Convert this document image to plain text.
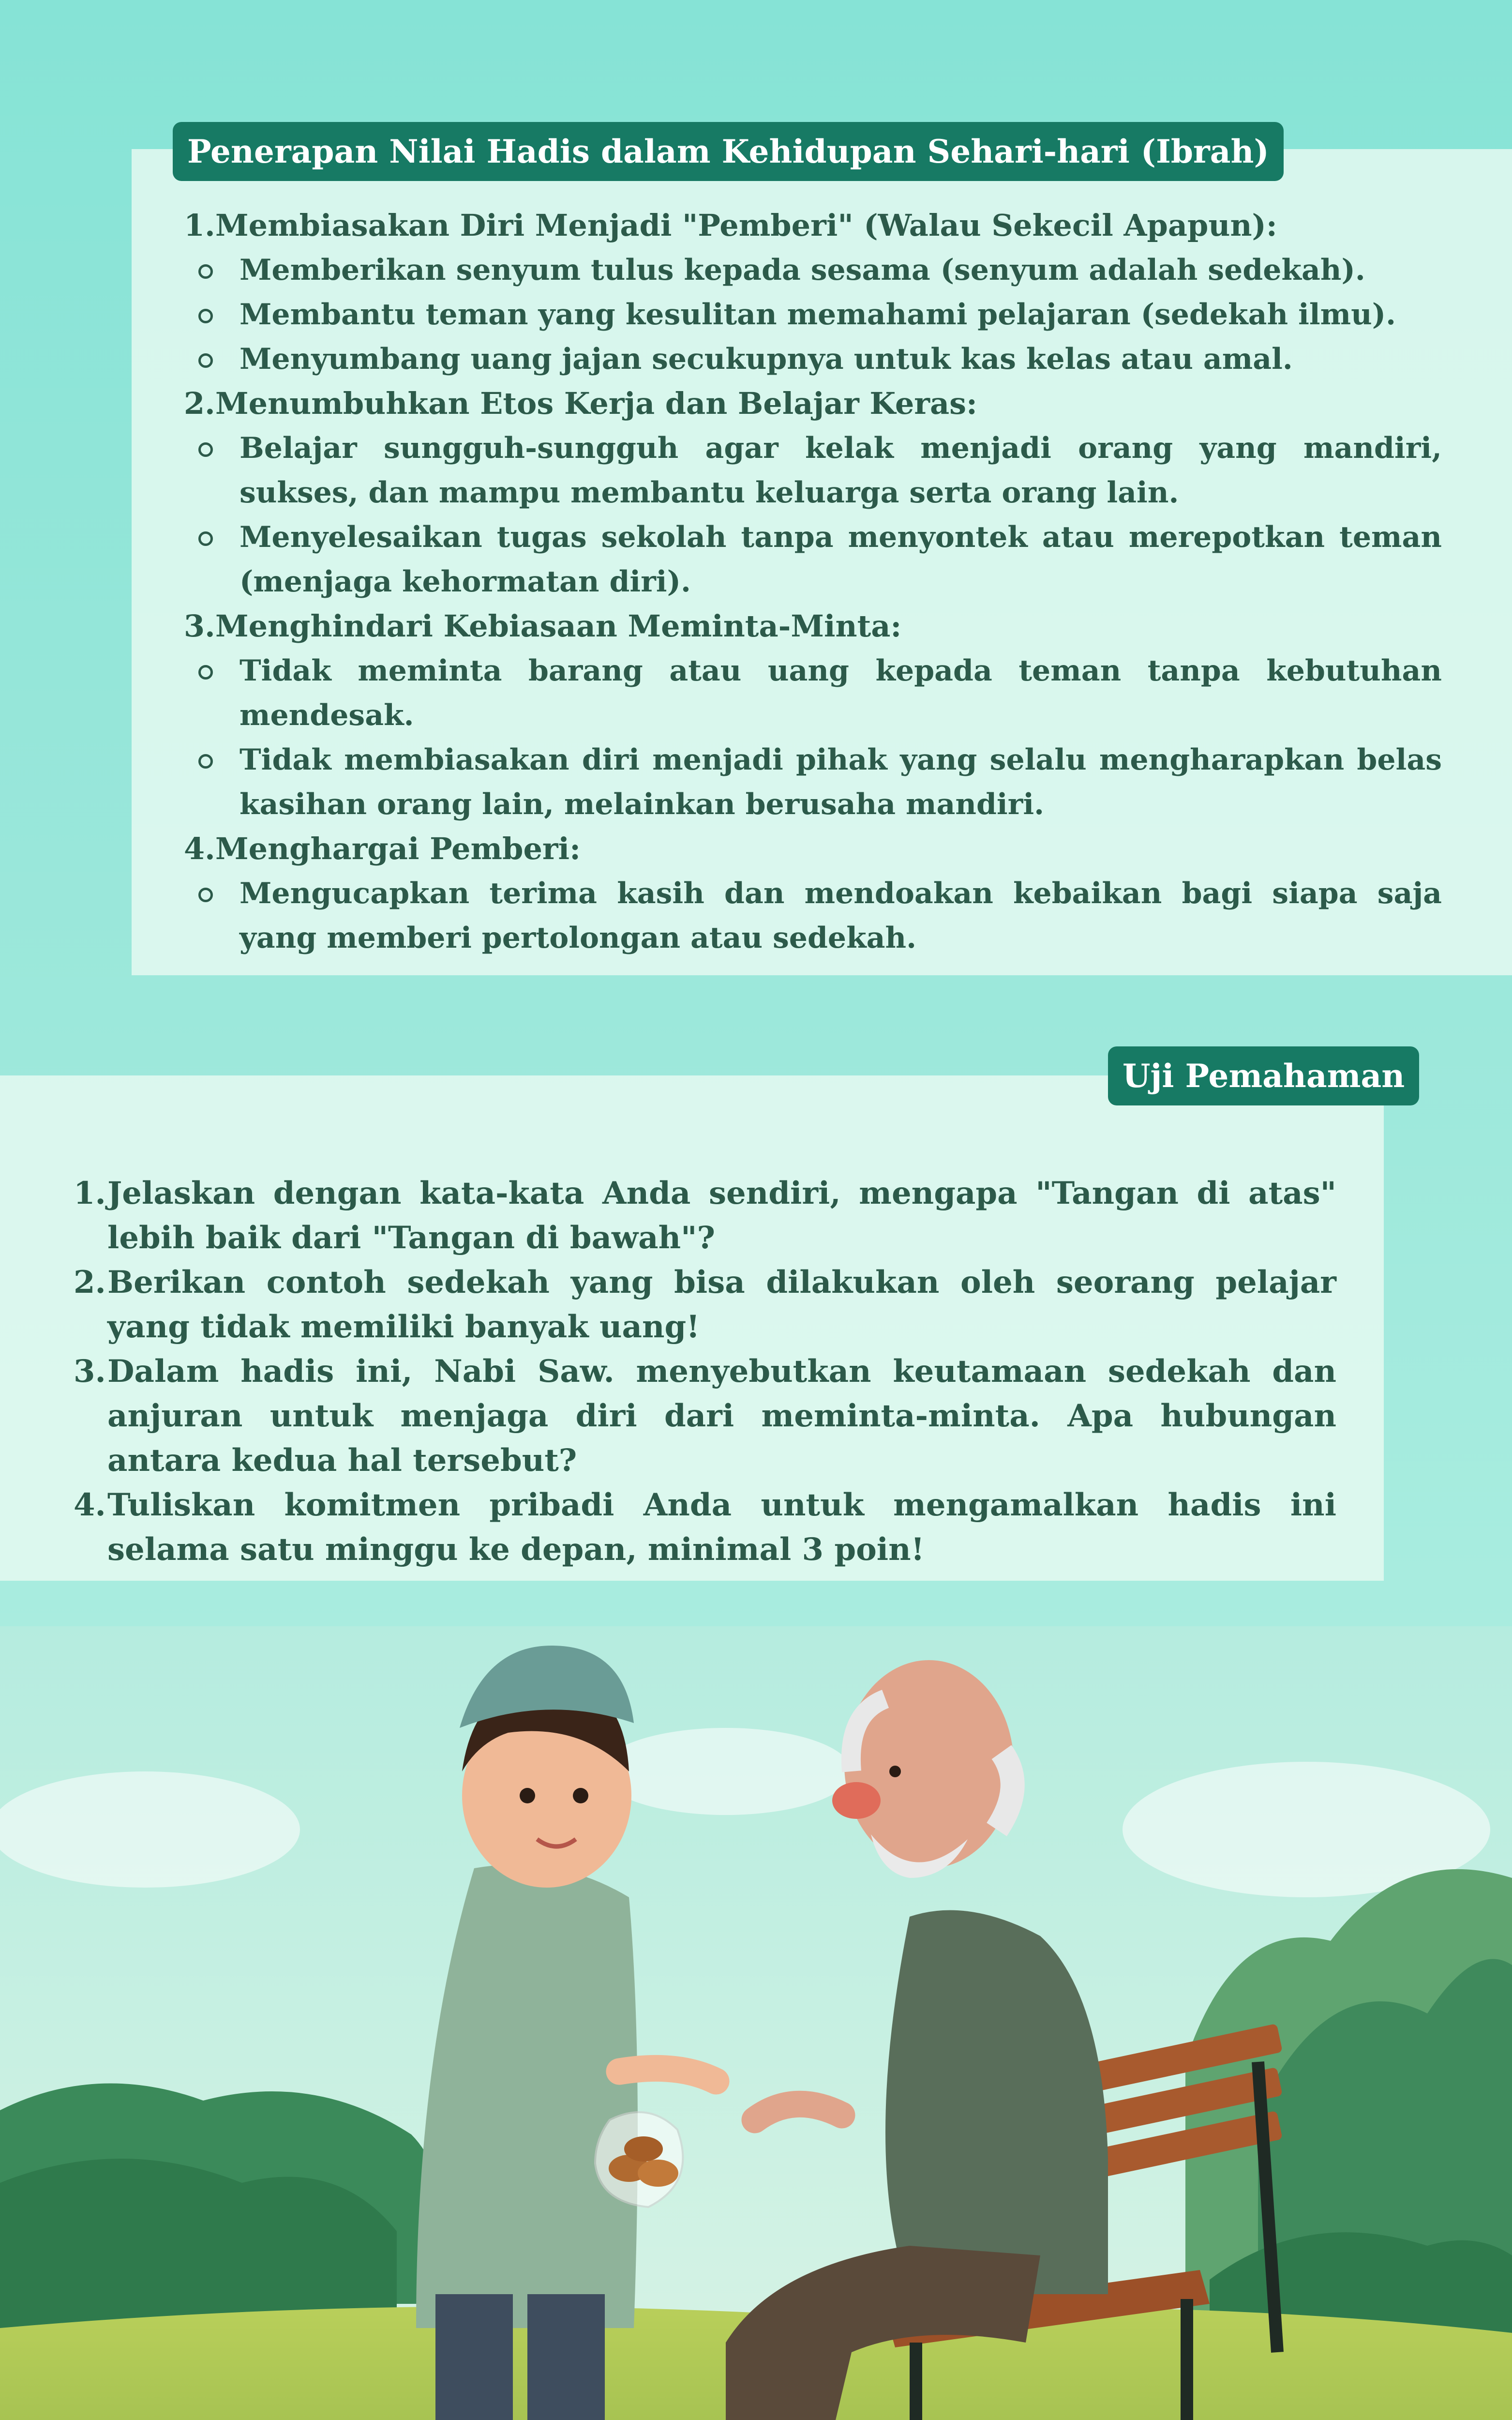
Penerapan Nilai Hadis dalam Kehidupan Sehari-hari (Ibrah)
1. Membiasakan Diri Menjadi "Pemberi" (Walau Sekecil Apapun):
Memberikan senyum tulus kepada sesama (senyum adalah sedekah).
Membantu teman yang kesulitan memahami pelajaran (sedekah ilmu).
Menyumbang uang jajan secukupnya untuk kas kelas atau amal.
2. Menumbuhkan Etos Kerja dan Belajar Keras:
Belajar sungguh-sungguh agar kelak menjadi orang yang mandiri, sukses, dan mampu membantu keluarga serta orang lain.
Menyelesaikan tugas sekolah tanpa menyontek atau merepotkan teman (menjaga kehormatan diri).
3. Menghindari Kebiasaan Meminta-Minta:
Tidak meminta barang atau uang kepada teman tanpa kebutuhan mendesak.
Tidak membiasakan diri menjadi pihak yang selalu mengharapkan belas kasihan orang lain, melainkan berusaha mandiri.
4. Menghargai Pemberi:
Mengucapkan terima kasih dan mendoakan kebaikan bagi siapa saja yang memberi pertolongan atau sedekah.
Uji Pemahaman
1. Jelaskan dengan kata-kata Anda sendiri, mengapa "Tangan di atas" lebih baik dari "Tangan di bawah"?
2. Berikan contoh sedekah yang bisa dilakukan oleh seorang pelajar yang tidak memiliki banyak uang!
3. Dalam hadis ini, Nabi Saw. menyebutkan keutamaan sedekah dan anjuran untuk menjaga diri dari meminta-minta. Apa hubungan antara kedua hal tersebut?
4. Tuliskan komitmen pribadi Anda untuk mengamalkan hadis ini selama satu minggu ke depan, minimal 3 poin!
